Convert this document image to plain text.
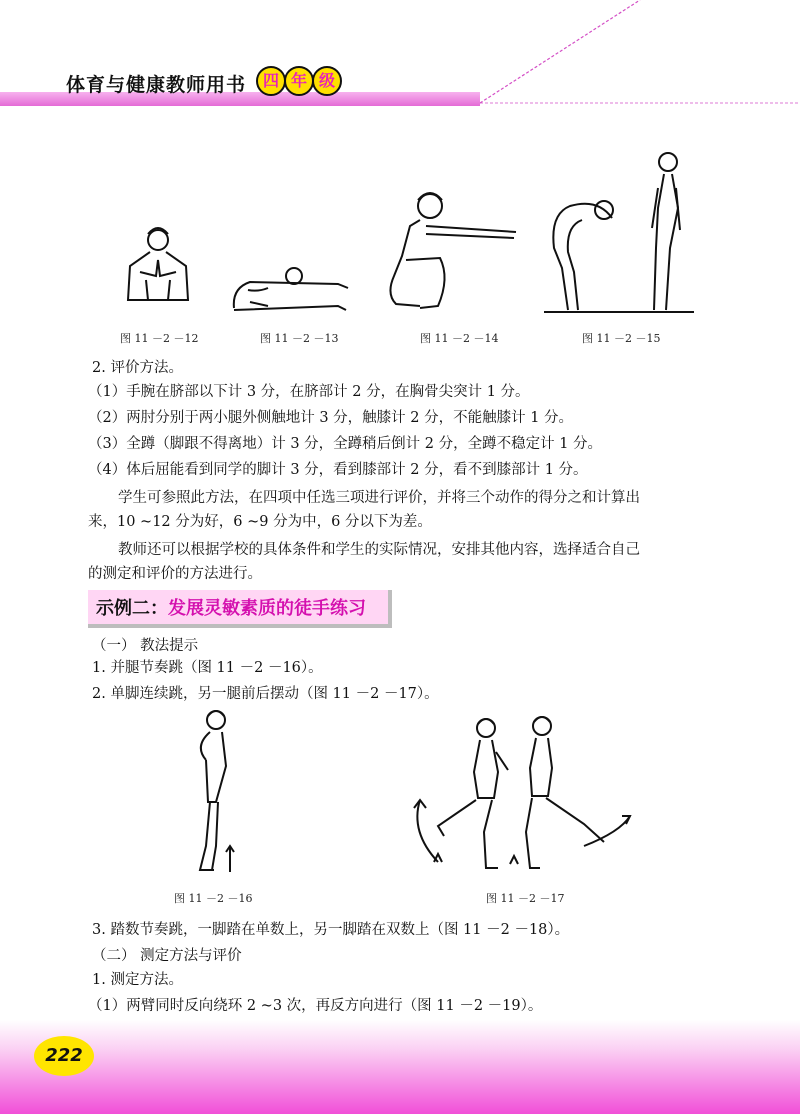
体育与健康教师用书	四 年 级
图 11 －2 －12	图 11 －2 －13	图 11 －2 －14	图 11 －2 －15
2. 评价方法。
（1）手腕在脐部以下计 3 分，在脐部计 2 分，在胸骨尖突计 1 分。
（2）两肘分别于两小腿外侧触地计 3 分，触膝计 2 分，不能触膝计 1 分。
（3）全蹲（脚跟不得离地）计 3 分，全蹲稍后倒计 2 分，全蹲不稳定计 1 分。
（4）体后屈能看到同学的脚计 3 分，看到膝部计 2 分，看不到膝部计 1 分。
学生可参照此方法，在四项中任选三项进行评价，并将三个动作的得分之和计算出
来，10 ~12 分为好，6 ~9 分为中，6 分以下为差。
教师还可以根据学校的具体条件和学生的实际情况，安排其他内容，选择适合自己
的测定和评价的方法进行。
示例二：发展灵敏素质的徒手练习
（一） 教法提示
1. 并腿节奏跳（图 11 －2 －16）。
2. 单脚连续跳，另一腿前后摆动（图 11 －2 －17）。
图 11 －2 －16	图 11 －2 －17
3. 踏数节奏跳，一脚踏在单数上，另一脚踏在双数上（图 11 －2 －18）。
（二） 测定方法与评价
1. 测定方法。
（1）两臂同时反向绕环 2 ~3 次，再反方向进行（图 11 －2 －19）。
222
